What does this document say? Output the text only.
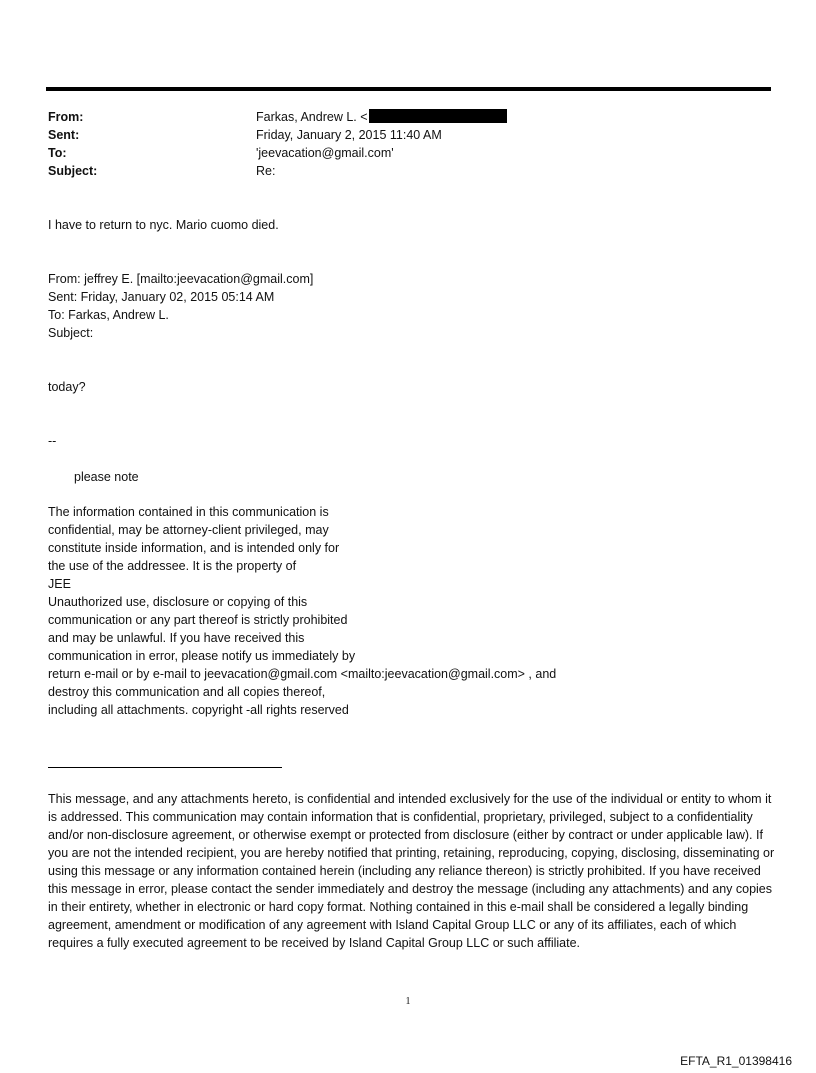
From:	Farkas, Andrew L. <
Sent:	Friday, January 2, 2015 11:40 AM
To:	'jeevacation@gmail.com'
Subject:	Re:
I have to return to nyc. Mario cuomo died.
From: jeffrey E. [mailto:jeevacation@gmail.com]
Sent: Friday, January 02, 2015 05:14 AM
To: Farkas, Andrew L.
Subject:
today?
--
please note
The information contained in this communication is
confidential, may be attorney-client privileged, may
constitute inside information, and is intended only for
the use of the addressee. It is the property of
JEE
Unauthorized use, disclosure or copying of this
communication or any part thereof is strictly prohibited
and may be unlawful. If you have received this
communication in error, please notify us immediately by
return e-mail or by e-mail to jeevacation@gmail.com <mailto:jeevacation@gmail.com> , and
destroy this communication and all copies thereof,
including all attachments. copyright -all rights reserved
This message, and any attachments hereto, is confidential and intended exclusively for the use of the individual or entity to whom it is addressed. This communication may contain information that is confidential, proprietary, privileged, subject to a confidentiality and/or non-disclosure agreement, or otherwise exempt or protected from disclosure (either by contract or under applicable law). If you are not the intended recipient, you are hereby notified that printing, retaining, reproducing, copying, disclosing, disseminating or using this message or any information contained herein (including any reliance thereon) is strictly prohibited. If you have received this message in error, please contact the sender immediately and destroy the message (including any attachments) and any copies in their entirety, whether in electronic or hard copy format. Nothing contained in this e-mail shall be considered a legally binding agreement, amendment or modification of any agreement with Island Capital Group LLC or any of its affiliates, each of which requires a fully executed agreement to be received by Island Capital Group LLC or such affiliate.
1
EFTA_R1_01398416
